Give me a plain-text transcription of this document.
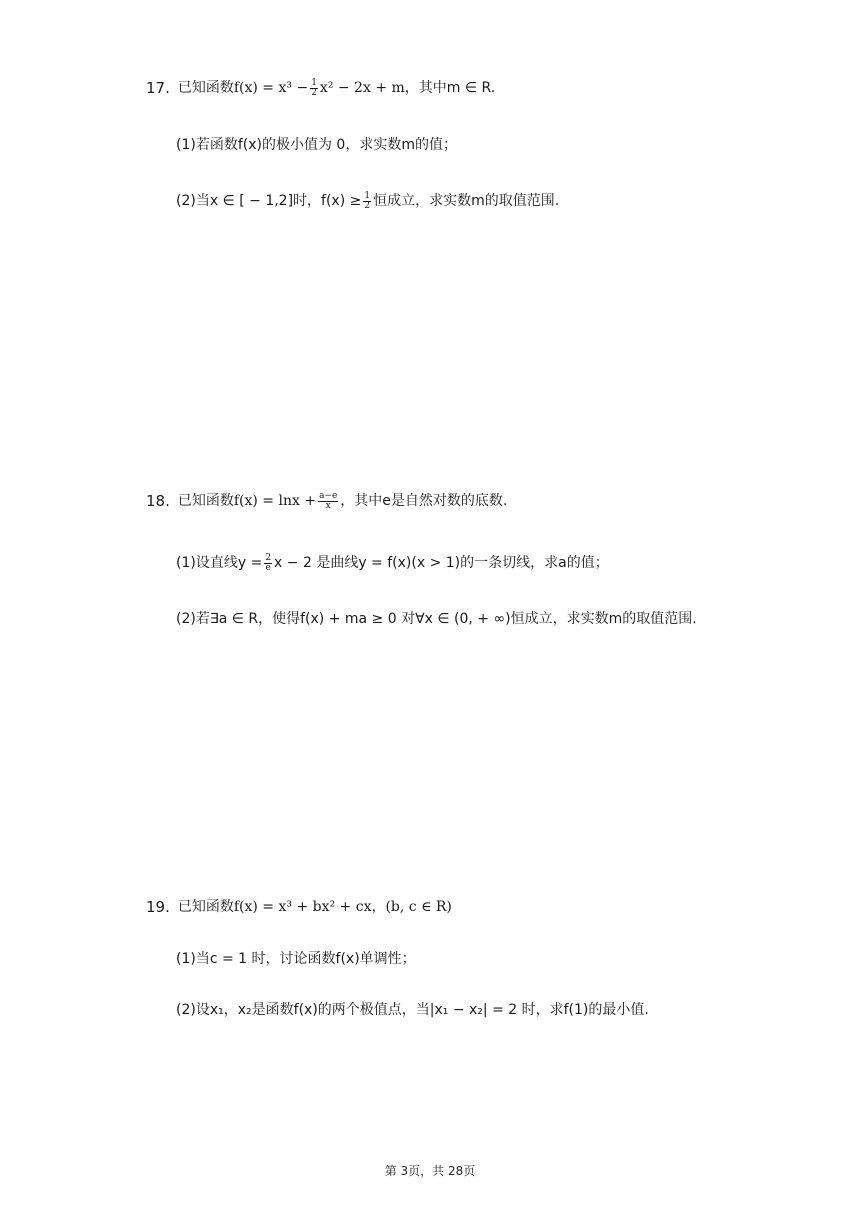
17. 已知函数 $f(x) = x^3 - \frac{1}{2} x^2 - 2x + m$ ，其中m ∈ R.
(1) 若函数f(x)的极小值为 0，求实数m的值；
(2) 当x ∈ [ − 1,2]时，$f(x) \ge \frac{1}{2}$ 恒成立，求实数m的取值范围.
18. 已知函数 $f(x) = \ln x + \frac{a-e}{x}$ ，其中e是自然对数的底数.
(1) 设直线$y = \frac{2}{e}$ x − 2 是曲线y = f(x)(x > 1)的一条切线，求a的值；
(2) 若∃a ∈ R，使得f(x) + ma ≥ 0 对∀x ∈ (0, + ∞)恒成立，求实数m的取值范围.
19. 已知函数 f(x) = x³ + bx² + cx，(b, c ∈ R)
(1) 当c = 1 时，讨论函数f(x)单调性；
(2) 设x₁，x₂是函数f(x)的两个极值点，当|x₁ − x₂| = 2 时，求f(1)的最小值.
第 3页，共 28页
